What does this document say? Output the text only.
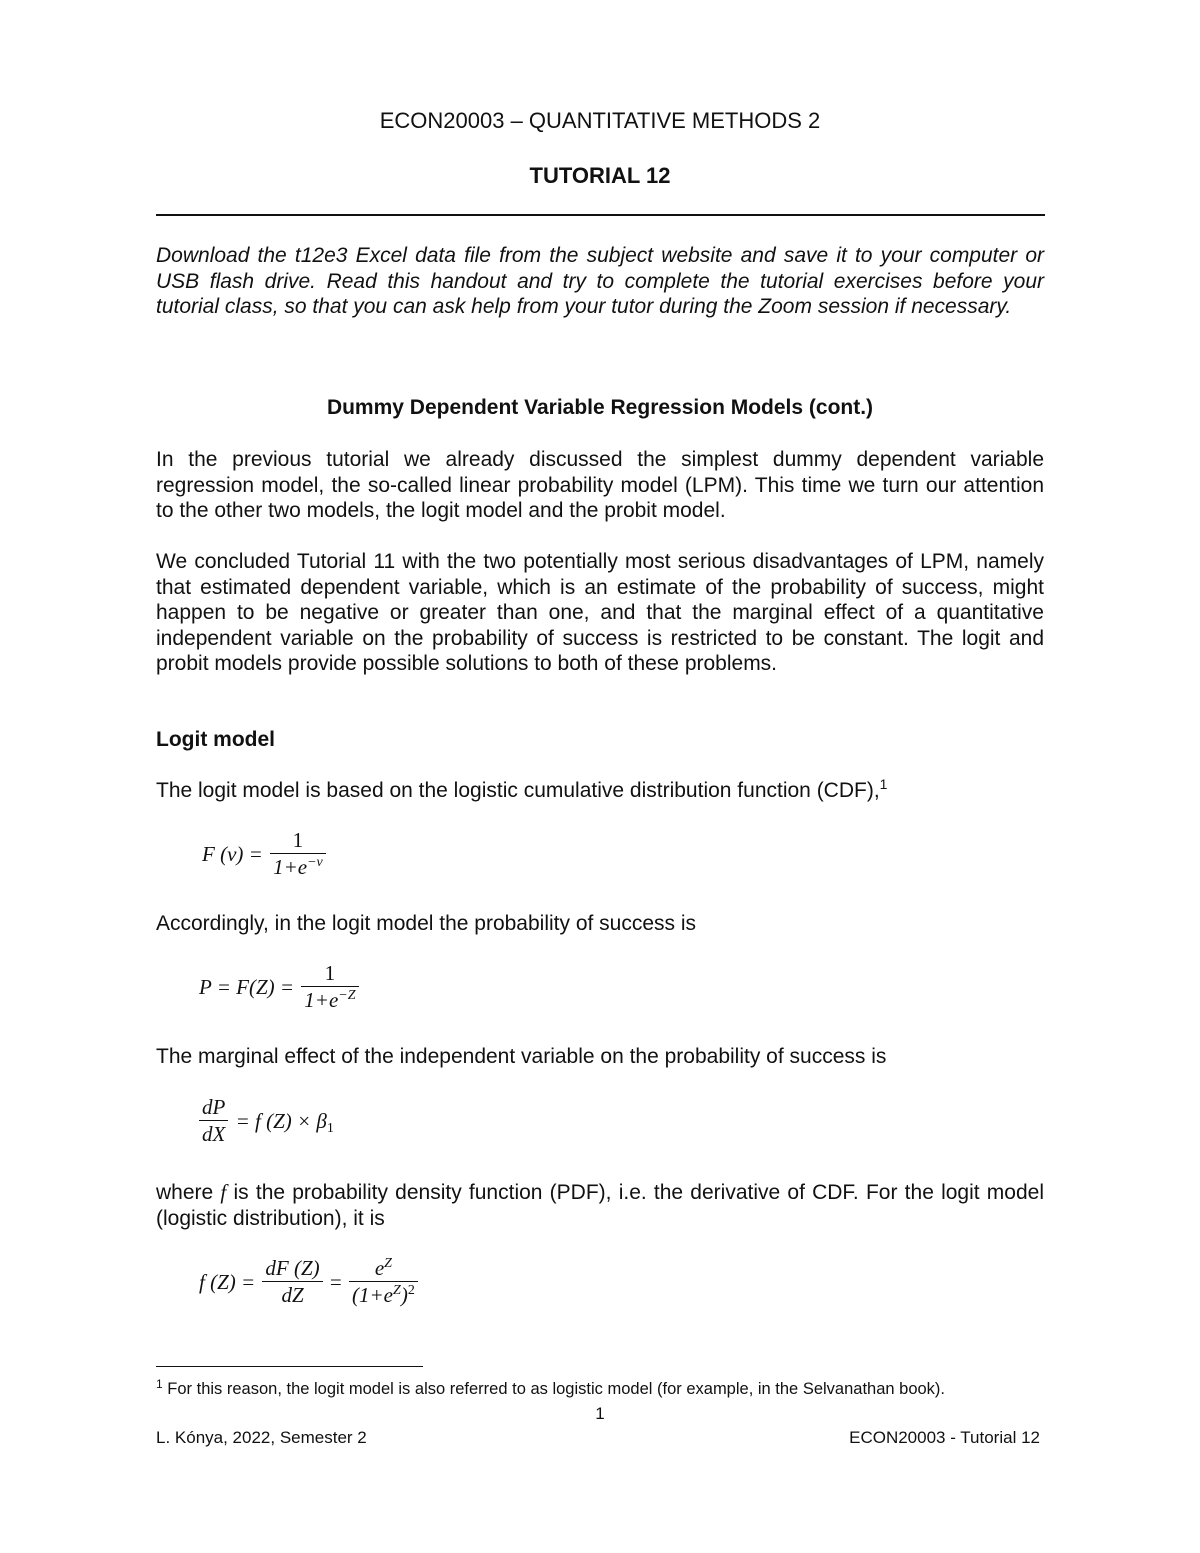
ECON20003 – QUANTITATIVE METHODS 2
TUTORIAL 12

Download the t12e3 Excel data file from the subject website and save it to your computer or USB flash drive. Read this handout and try to complete the tutorial exercises before your tutorial class, so that you can ask help from your tutor during the Zoom session if necessary.

Dummy Dependent Variable Regression Models (cont.)

In the previous tutorial we already discussed the simplest dummy dependent variable regression model, the so-called linear probability model (LPM). This time we turn our attention to the other two models, the logit model and the probit model.

We concluded Tutorial 11 with the two potentially most serious disadvantages of LPM, namely that estimated dependent variable, which is an estimate of the probability of success, might happen to be negative or greater than one, and that the marginal effect of a quantitative independent variable on the probability of success is restricted to be constant. The logit and probit models provide possible solutions to both of these problems.

Logit model
The logit model is based on the logistic cumulative distribution function (CDF),$^1$
F $(v) = \frac{1}{1+e^{-v}}$
Accordingly, in the logit model the probability of success is
$P = F(Z) = \frac{1}{1+e^{-Z}}$
The marginal effect of the independent variable on the probability of success is
$\frac{dP}{dX} = f$ $(Z) \times \beta_1$

where f is the probability density function (PDF), i.e. the derivative of CDF. For the logit model (logistic distribution), it is

f $(Z) = \frac{dF (Z)}{dZ} = \frac{e^Z}{(1+e^Z)^2}$
$^1$ For this reason, the logit model is also referred to as logistic model (for example, in the Selvanathan book).
1
L. Kónya, 2022, Semester 2	ECON20003 - Tutorial 12
